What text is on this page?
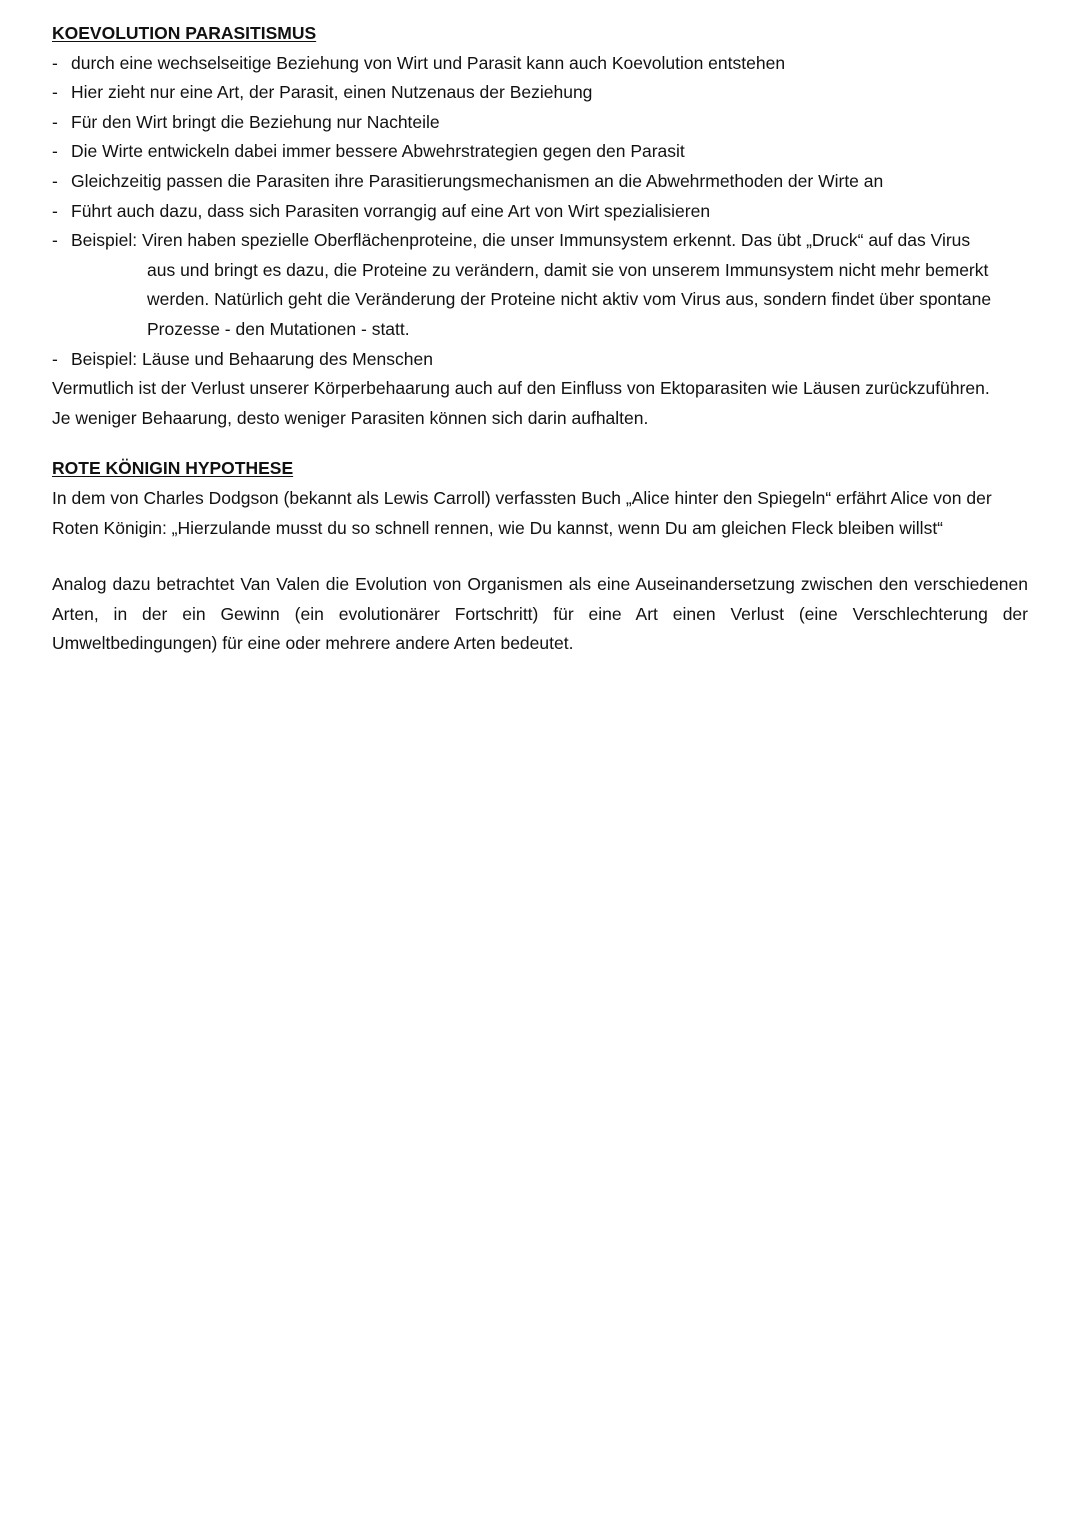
KOEVOLUTION PARASITISMUS
- durch eine wechselseitige Beziehung von Wirt und Parasit kann auch Koevolution entstehen
- Hier zieht nur eine Art, der Parasit, einen Nutzenaus der Beziehung
- Für den Wirt bringt die Beziehung nur Nachteile
- Die Wirte entwickeln dabei immer bessere Abwehrstrategien gegen den Parasit
- Gleichzeitig passen die Parasiten ihre Parasitierungsmechanismen an die Abwehrmethoden der Wirte an
- Führt auch dazu, dass sich Parasiten vorrangig auf eine Art von Wirt spezialisieren
- Beispiel: Viren haben spezielle Oberflächenproteine, die unser Immunsystem erkennt. Das übt „Druck“ auf das Virus
aus und bringt es dazu, die Proteine zu verändern, damit sie von unserem Immunsystem nicht mehr bemerkt
werden. Natürlich geht die Veränderung der Proteine nicht aktiv vom Virus aus, sondern findet über spontane
Prozesse - den Mutationen - statt.
- Beispiel: Läuse und Behaarung des Menschen

Vermutlich ist der Verlust unserer Körperbehaarung auch auf den Einfluss von Ektoparasiten wie Läusen zurückzuführen.

Je weniger Behaarung, desto weniger Parasiten können sich darin aufhalten.

ROTE KÖNIGIN HYPOTHESE

In dem von Charles Dodgson (bekannt als Lewis Carroll) verfassten Buch „Alice hinter den Spiegeln“ erfährt Alice von der

Roten Königin: „Hierzulande musst du so schnell rennen, wie Du kannst, wenn Du am gleichen Fleck bleiben willst“

Analog dazu betrachtet Van Valen die Evolution von Organismen als eine Auseinandersetzung zwischen den verschiedenen Arten, in der ein Gewinn (ein evolutionärer Fortschritt) für eine Art einen Verlust (eine Verschlechterung der Umweltbedingungen) für eine oder mehrere andere Arten bedeutet.
